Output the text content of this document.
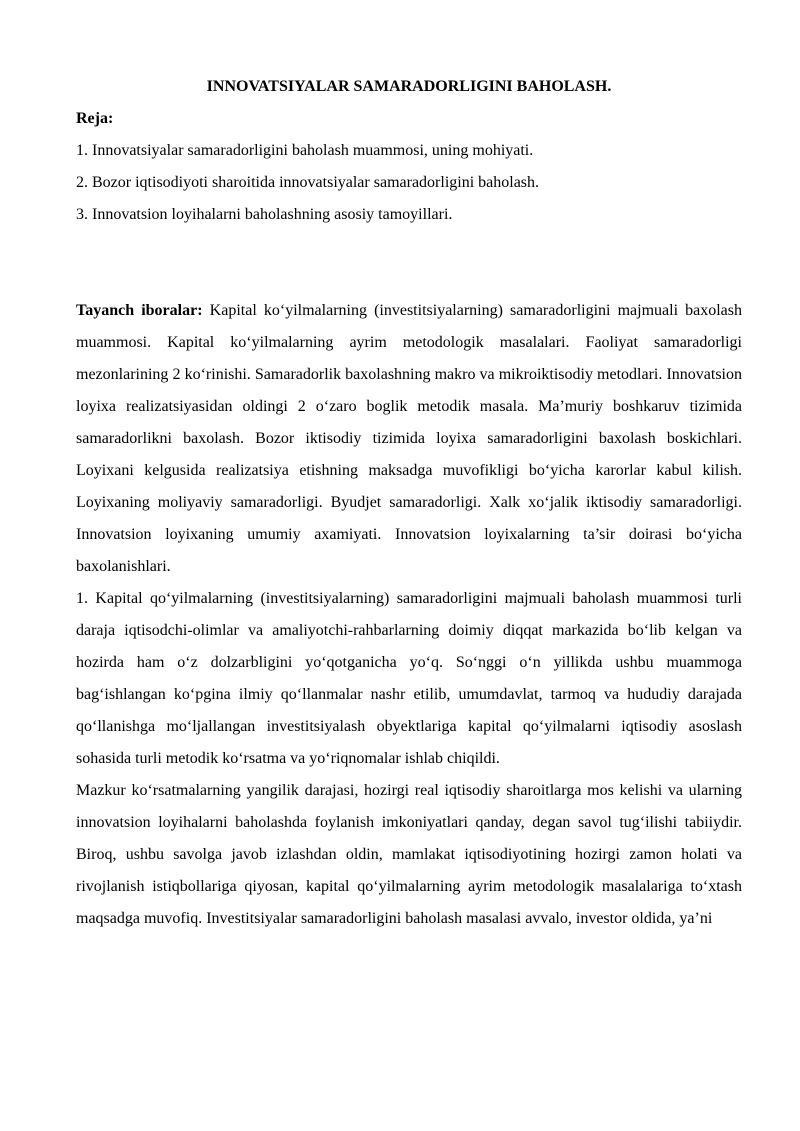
INNOVATSIYALAR SAMARADORLIGINI BAHOLASH.

Reja:

1. Innovatsiyalar samaradorligini baholash muammosi, uning mohiyati.
2. Bozor iqtisodiyoti sharoitida innovatsiyalar samaradorligini baholash.
3. Innovatsion loyihalarni baholashning asosiy tamoyillari.

Tayanch iboralar: Kapital ko‘yilmalarning (investitsiyalarning) samaradorligini majmuali baxolash muammosi. Kapital ko‘yilmalarning ayrim metodologik masalalari. Faoliyat samaradorligi mezonlarining 2 ko‘rinishi. Samaradorlik baxolashning makro va mikroiktisodiy metodlari. Innovatsion loyixa realizatsiyasidan oldingi 2 o‘zaro boglik metodik masala. Ma’muriy boshkaruv tizimida samaradorlikni baxolash. Bozor iktisodiy tizimida loyixa samaradorligini baxolash boskichlari. Loyixani kelgusida realizatsiya etishning maksadga muvofikligi bo‘yicha karorlar kabul kilish. Loyixaning moliyaviy samaradorligi. Byudjet samaradorligi. Xalk xo‘jalik iktisodiy samaradorligi. Innovatsion loyixaning umumiy axamiyati. Innovatsion loyixalarning ta’sir doirasi bo‘yicha baxolanishlari.

1. Kapital qo‘yilmalarning (investitsiyalarning) samaradorligini majmuali baholash muammosi turli daraja iqtisodchi-olimlar va amaliyotchi-rahbarlarning doimiy diqqat markazida bo‘lib kelgan va hozirda ham o‘z dolzarbligini yo‘qotganicha yo‘q. So‘nggi o‘n yillikda ushbu muammoga bag‘ishlangan ko‘pgina ilmiy qo‘llanmalar nashr etilib, umumdavlat, tarmoq va hududiy darajada qo‘llanishga mo‘ljallangan investitsiyalash obyektlariga kapital qo‘yilmalarni iqtisodiy asoslash sohasida turli metodik ko‘rsatma va yo‘riqnomalar ishlab chiqildi.

Mazkur ko‘rsatmalarning yangilik darajasi, hozirgi real iqtisodiy sharoitlarga mos kelishi va ularning innovatsion loyihalarni baholashda foylanish imkoniyatlari qanday, degan savol tug‘ilishi tabiiydir. Biroq, ushbu savolga javob izlashdan oldin, mamlakat iqtisodiyotining hozirgi zamon holati va rivojlanish istiqbollariga qiyosan, kapital qo‘yilmalarning ayrim metodologik masalalariga to‘xtash maqsadga muvofiq. Investitsiyalar samaradorligini baholash masalasi avvalo, investor oldida, ya’ni
